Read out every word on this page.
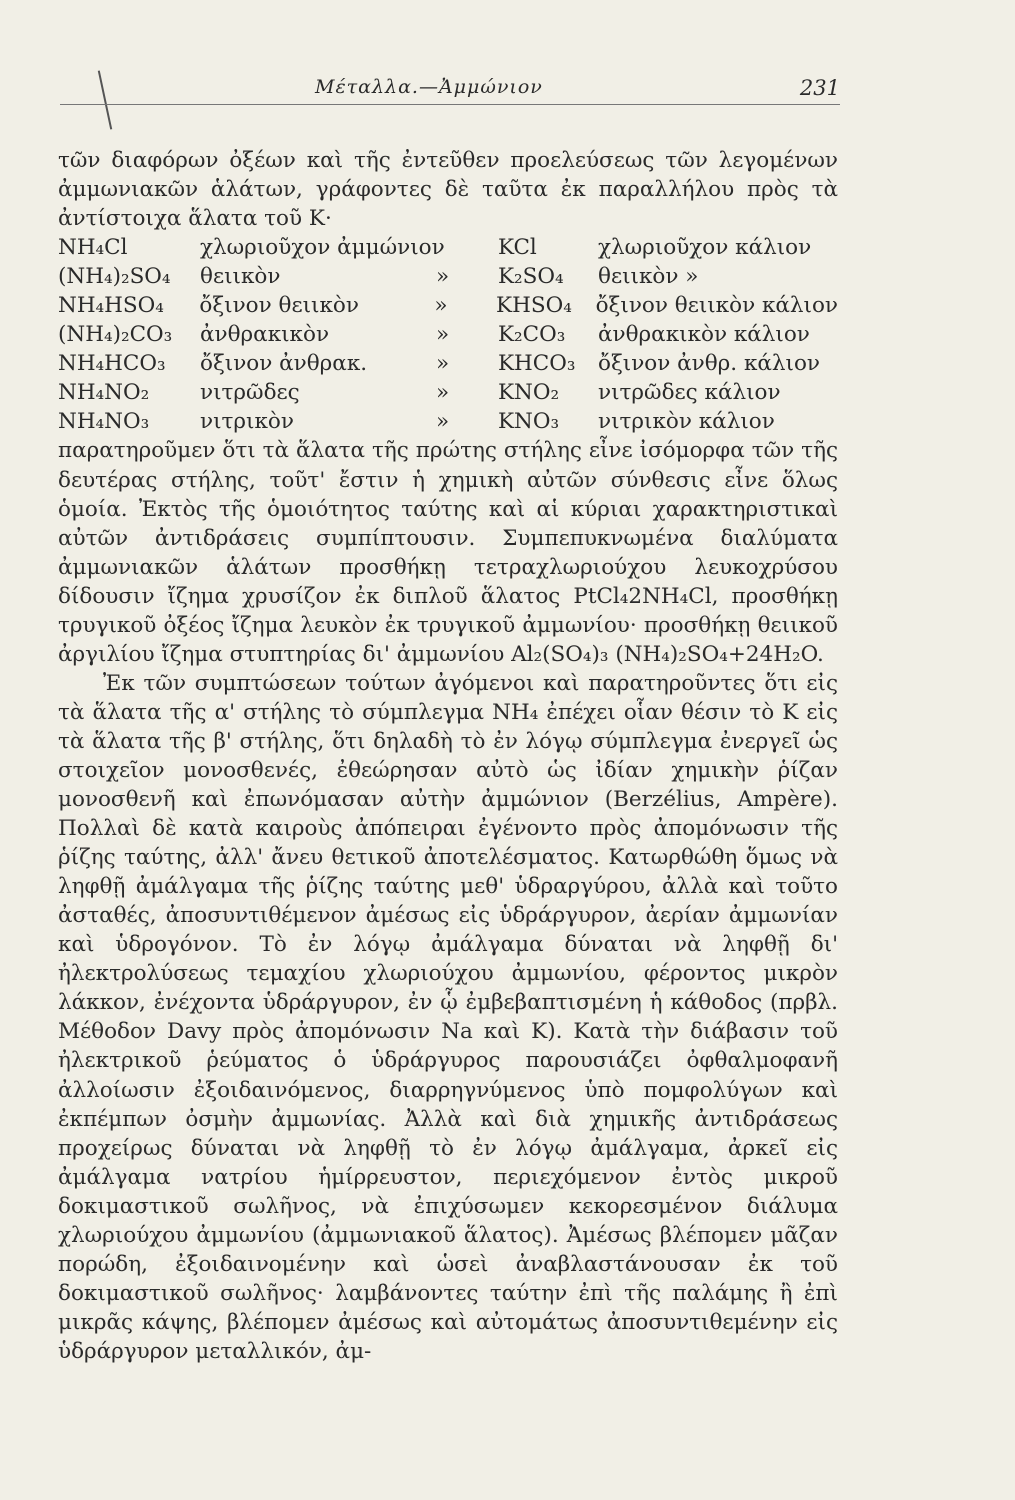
Μέταλλα.—Ἀμμώνιον	231

τῶν διαφόρων ὀξέων καὶ τῆς ἐντεῦθεν προελεύσεως τῶν λεγομένων ἀμμωνιακῶν ἁλάτων, γράφοντες δὲ ταῦτα ἐκ παραλλήλου πρὸς τὰ ἀντίστοιχα ἅλατα τοῦ K·

NH₄Cl	χλωριοῦχον ἀμμώνιον KCl	χλωριοῦχον κάλιον
(NH₄)₂SO₄	θειικὸν	»	K₂SO₄	θειικὸν »
NH₄HSO₄	ὄξινον θειικὸν	»	KHSO₄	ὄξινον θειικὸν κάλιον
(NH₄)₂CO₃	ἀνθρακικὸν	»	K₂CO₃	ἀνθρακικὸν κάλιον
NH₄HCO₃	ὄξινον ἀνθρακ.	»	KHCO₃	ὄξινον ἀνθρ. κάλιον
NH₄NO₂	νιτρῶδες	»	KNO₂	νιτρῶδες κάλιον
NH₄NO₃	νιτρικὸν	»	KNO₃	νιτρικὸν κάλιον

παρατηροῦμεν ὅτι τὰ ἅλατα τῆς πρώτης στήλης εἶνε ἰσόμορφα τῶν τῆς δευτέρας στήλης, τοῦτ' ἔστιν ἡ χημικὴ αὐτῶν σύνθεσις εἶνε ὅλως ὁμοία. Ἐκτὸς τῆς ὁμοιότητος ταύτης καὶ αἱ κύριαι χαρακτηριστικαὶ αὐτῶν ἀντιδράσεις συμπίπτουσιν. Συμπεπυκνωμένα διαλύματα ἀμμωνιακῶν ἁλάτων προσθήκῃ τετραχλωριούχου λευκοχρύσου δίδουσιν ἴζημα χρυσίζον ἐκ διπλοῦ ἅλατος PtCl₄2NH₄Cl, προσθήκῃ τρυγικοῦ ὀξέος ἴζημα λευκὸν ἐκ τρυγικοῦ ἀμμωνίου· προσθήκῃ θειικοῦ ἀργιλίου ἴζημα στυπτηρίας δι' ἀμμωνίου Al₂(SO₄)₃ (NH₄)₂SO₄+24H₂O.

Ἐκ τῶν συμπτώσεων τούτων ἀγόμενοι καὶ παρατηροῦντες ὅτι εἰς τὰ ἅλατα τῆς α' στήλης τὸ σύμπλεγμα NH₄ ἐπέχει οἷαν θέσιν τὸ K εἰς τὰ ἅλατα τῆς β' στήλης, ὅτι δηλαδὴ τὸ ἐν λόγῳ σύμπλεγμα ἐνεργεῖ ὡς στοιχεῖον μονοσθενές, ἐθεώρησαν αὐτὸ ὡς ἰδίαν χημικὴν ῥίζαν μονοσθενῆ καὶ ἐπωνόμασαν αὐτὴν ἀμμώνιον (Berzélius, Ampère). Πολλαὶ δὲ κατὰ καιροὺς ἀπόπειραι ἐγένοντο πρὸς ἀπομόνωσιν τῆς ῥίζης ταύτης, ἀλλ' ἄνευ θετικοῦ ἀποτελέσματος. Κατωρθώθη ὅμως νὰ ληφθῇ ἀμάλγαμα τῆς ῥίζης ταύτης μεθ' ὑδραργύρου, ἀλλὰ καὶ τοῦτο ἀσταθές, ἀποσυντιθέμενον ἀμέσως εἰς ὑδράργυρον, ἀερίαν ἀμμωνίαν καὶ ὑδρογόνον. Τὸ ἐν λόγῳ ἀμάλγαμα δύναται νὰ ληφθῇ δι' ἠλεκτρολύσεως τεμαχίου χλωριούχου ἀμμωνίου, φέροντος μικρὸν λάκκον, ἐνέχοντα ὑδράργυρον, ἐν ᾧ ἐμβεβαπτισμένη ἡ κάθοδος (πρβλ. Μέθοδον Davy πρὸς ἀπομόνωσιν Na καὶ K). Κατὰ τὴν διάβασιν τοῦ ἠλεκτρικοῦ ῥεύματος ὁ ὑδράργυρος παρουσιάζει ὀφθαλμοφανῆ ἀλλοίωσιν ἐξοιδαινόμενος, διαρρηγνύμενος ὑπὸ πομφολύγων καὶ ἐκπέμπων ὀσμὴν ἀμμωνίας. Ἀλλὰ καὶ διὰ χημικῆς ἀντιδράσεως προχείρως δύναται νὰ ληφθῇ τὸ ἐν λόγῳ ἀμάλγαμα, ἀρκεῖ εἰς ἀμάλγαμα νατρίου ἡμίρρευστον, περιεχόμενον ἐντὸς μικροῦ δοκιμαστικοῦ σωλῆνος, νὰ ἐπιχύσωμεν κεκορεσμένον διάλυμα χλωριούχου ἀμμωνίου (ἀμμωνιακοῦ ἅλατος). Ἀμέσως βλέπομεν μᾶζαν πορώδη, ἐξοιδαινομένην καὶ ὡσεὶ ἀναβλαστάνουσαν ἐκ τοῦ δοκιμαστικοῦ σωλῆνος· λαμβάνοντες ταύτην ἐπὶ τῆς παλάμης ἢ ἐπὶ μικρᾶς κάψης, βλέπομεν ἀμέσως καὶ αὐτομάτως ἀποσυντιθεμένην εἰς ὑδράργυρον μεταλλικόν, ἀμ-
